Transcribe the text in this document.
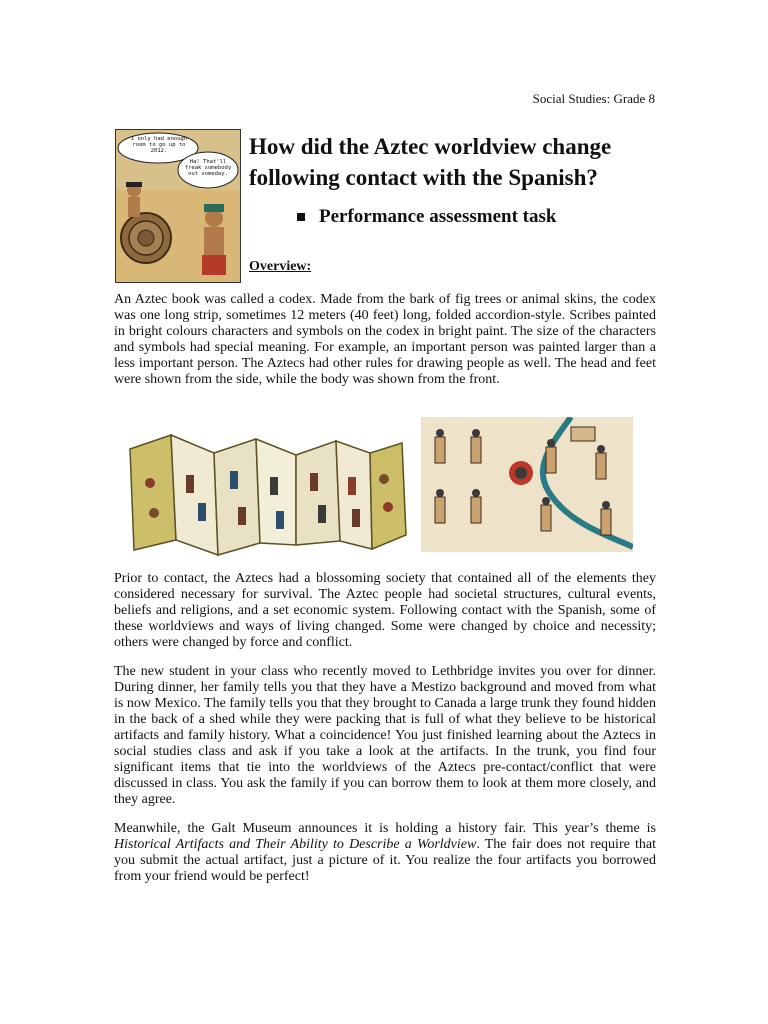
Social Studies: Grade 8
I only had enough room to go up to 2012.
Ha! That'll freak somebody out someday.
How did the Aztec worldview change following contact with the Spanish?
Performance assessment task
Overview:

An Aztec book was called a codex. Made from the bark of fig trees or animal skins, the codex was one long strip, sometimes 12 meters (40 feet) long, folded accordion-style. Scribes painted in bright colours characters and symbols on the codex in bright paint. The size of the characters and symbols had special meaning. For example, an important person was painted larger than a less important person. The Aztecs had other rules for drawing people as well. The head and feet were shown from the side, while the body was shown from the front.

Prior to contact, the Aztecs had a blossoming society that contained all of the elements they considered necessary for survival. The Aztec people had societal structures, cultural events, beliefs and religions, and a set economic system. Following contact with the Spanish, some of these worldviews and ways of living changed. Some were changed by choice and necessity; others were changed by force and conflict.

The new student in your class who recently moved to Lethbridge invites you over for dinner. During dinner, her family tells you that they have a Mestizo background and moved from what is now Mexico. The family tells you that they brought to Canada a large trunk they found hidden in the back of a shed while they were packing that is full of what they believe to be historical artifacts and family history. What a coincidence! You just finished learning about the Aztecs in social studies class and ask if you take a look at the artifacts. In the trunk, you find four significant items that tie into the worldviews of the Aztecs pre-contact/conflict that were discussed in class. You ask the family if you can borrow them to look at them more closely, and they agree.

Meanwhile, the Galt Museum announces it is holding a history fair. This year’s theme is Historical Artifacts and Their Ability to Describe a Worldview. The fair does not require that you submit the actual artifact, just a picture of it. You realize the four artifacts you borrowed from your friend would be perfect!
